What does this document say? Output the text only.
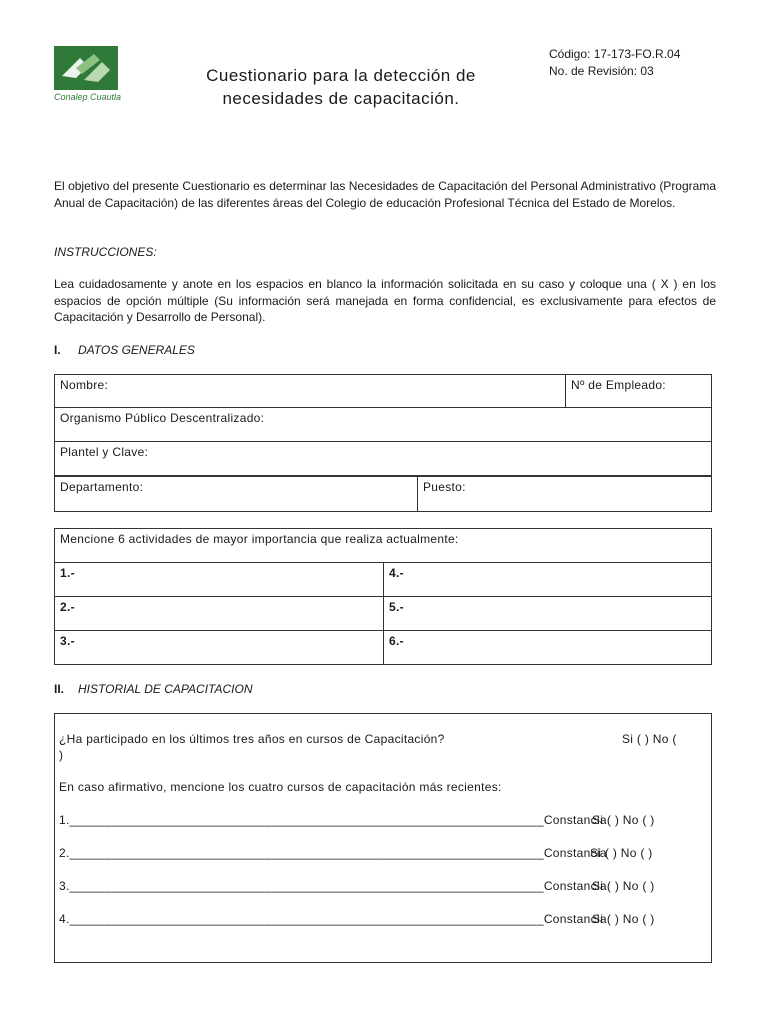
Conalep Cuautla
Cuestionario para la detección de
necesidades de capacitación.
Código: 17-173-FO.R.04
No. de Revisión: 03
El objetivo del presente Cuestionario es determinar las Necesidades de Capacitación del Personal Administrativo (Programa Anual de Capacitación) de las diferentes áreas del Colegio de educación Profesional Técnica del Estado de Morelos.
INSTRUCCIONES:
Lea cuidadosamente y anote en los espacios en blanco la información solicitada en su caso y coloque una ( X ) en los espacios de opción múltiple (Su información será manejada en forma confidencial, es exclusivamente para efectos de Capacitación y Desarrollo de Personal).
I. DATOS GENERALES
Nombre:	Nº de Empleado:
Organismo Público Descentralizado:
Plantel y Clave:
Departamento:	Puesto:
Mencione 6 actividades de mayor importancia que realiza actualmente:	
1.-	4.-
2.-	5.-
3.-	6.-
II. HISTORIAL DE CAPACITACION
¿Ha participado en los últimos tres años en cursos de Capacitación?	Si ( ) No (
)
En caso afirmativo, mencione los cuatro cursos de capacitación más recientes:
1.____________________________________________________________________Constancia
Si ( ) No ( )
2.____________________________________________________________________Constancia
Si ( ) No ( )
3.____________________________________________________________________Constancia
Si ( ) No ( )
4.____________________________________________________________________Constancia
Si ( ) No ( )
